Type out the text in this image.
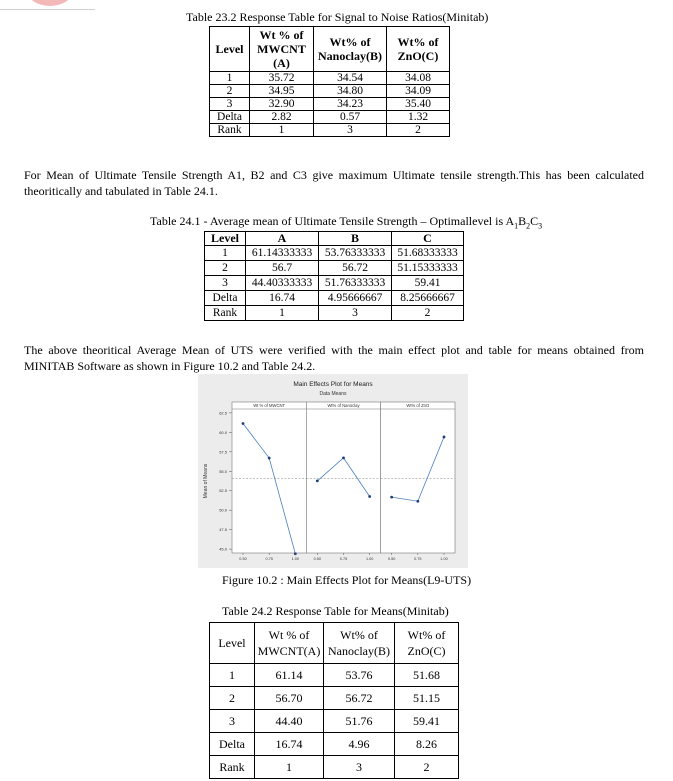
Table 23.2 Response Table for Signal to Noise Ratios(Minitab)
Level	Wt % of MWCNT (A)	Wt% of Nanoclay(B)	Wt% of ZnO(C)
1	35.72	34.54	34.08
2	34.95	34.80	34.09
3	32.90	34.23	35.40
Delta	2.82	0.57	1.32
Rank	1	3	2
For Mean of Ultimate Tensile Strength A1, B2 and C3 give maximum Ultimate tensile strength.This has been calculated theoritically and tabulated in Table 24.1.
Table 24.1 - Average mean of Ultimate Tensile Strength – Optimallevel is $A_1B_2C_3$
Level	A	B	C
1	61.14333333	53.76333333	51.68333333
2	56.7	56.72	51.15333333
3	44.40333333	51.76333333	59.41
Delta	16.74	4.95666667	8.25666667
Rank	1	3	2
The above theoritical Average Mean of UTS were verified with the main effect plot and table for means obtained from MINITAB Software as shown in Figure 10.2 and Table 24.2.
Main Effects Plot for Means
Data Means
Mean of Means
62.5
60.0
57.5
55.0
52.5
50.0
47.5
45.0
Wt % of MWCNT
0.50	0.75	1.00
Wt% of Nanoclay
0.50	0.75	1.00
Wt% of ZnO
0.50	0.75	1.00
Figure 10.2 : Main Effects Plot for Means(L9-UTS)
Table 24.2 Response Table for Means(Minitab)
Level	Wt % of MWCNT(A)	Wt% of Nanoclay(B)	Wt% of ZnO(C)
1	61.14	53.76	51.68
2	56.70	56.72	51.15
3	44.40	51.76	59.41
Delta	16.74	4.96	8.26
Rank	1	3	2
